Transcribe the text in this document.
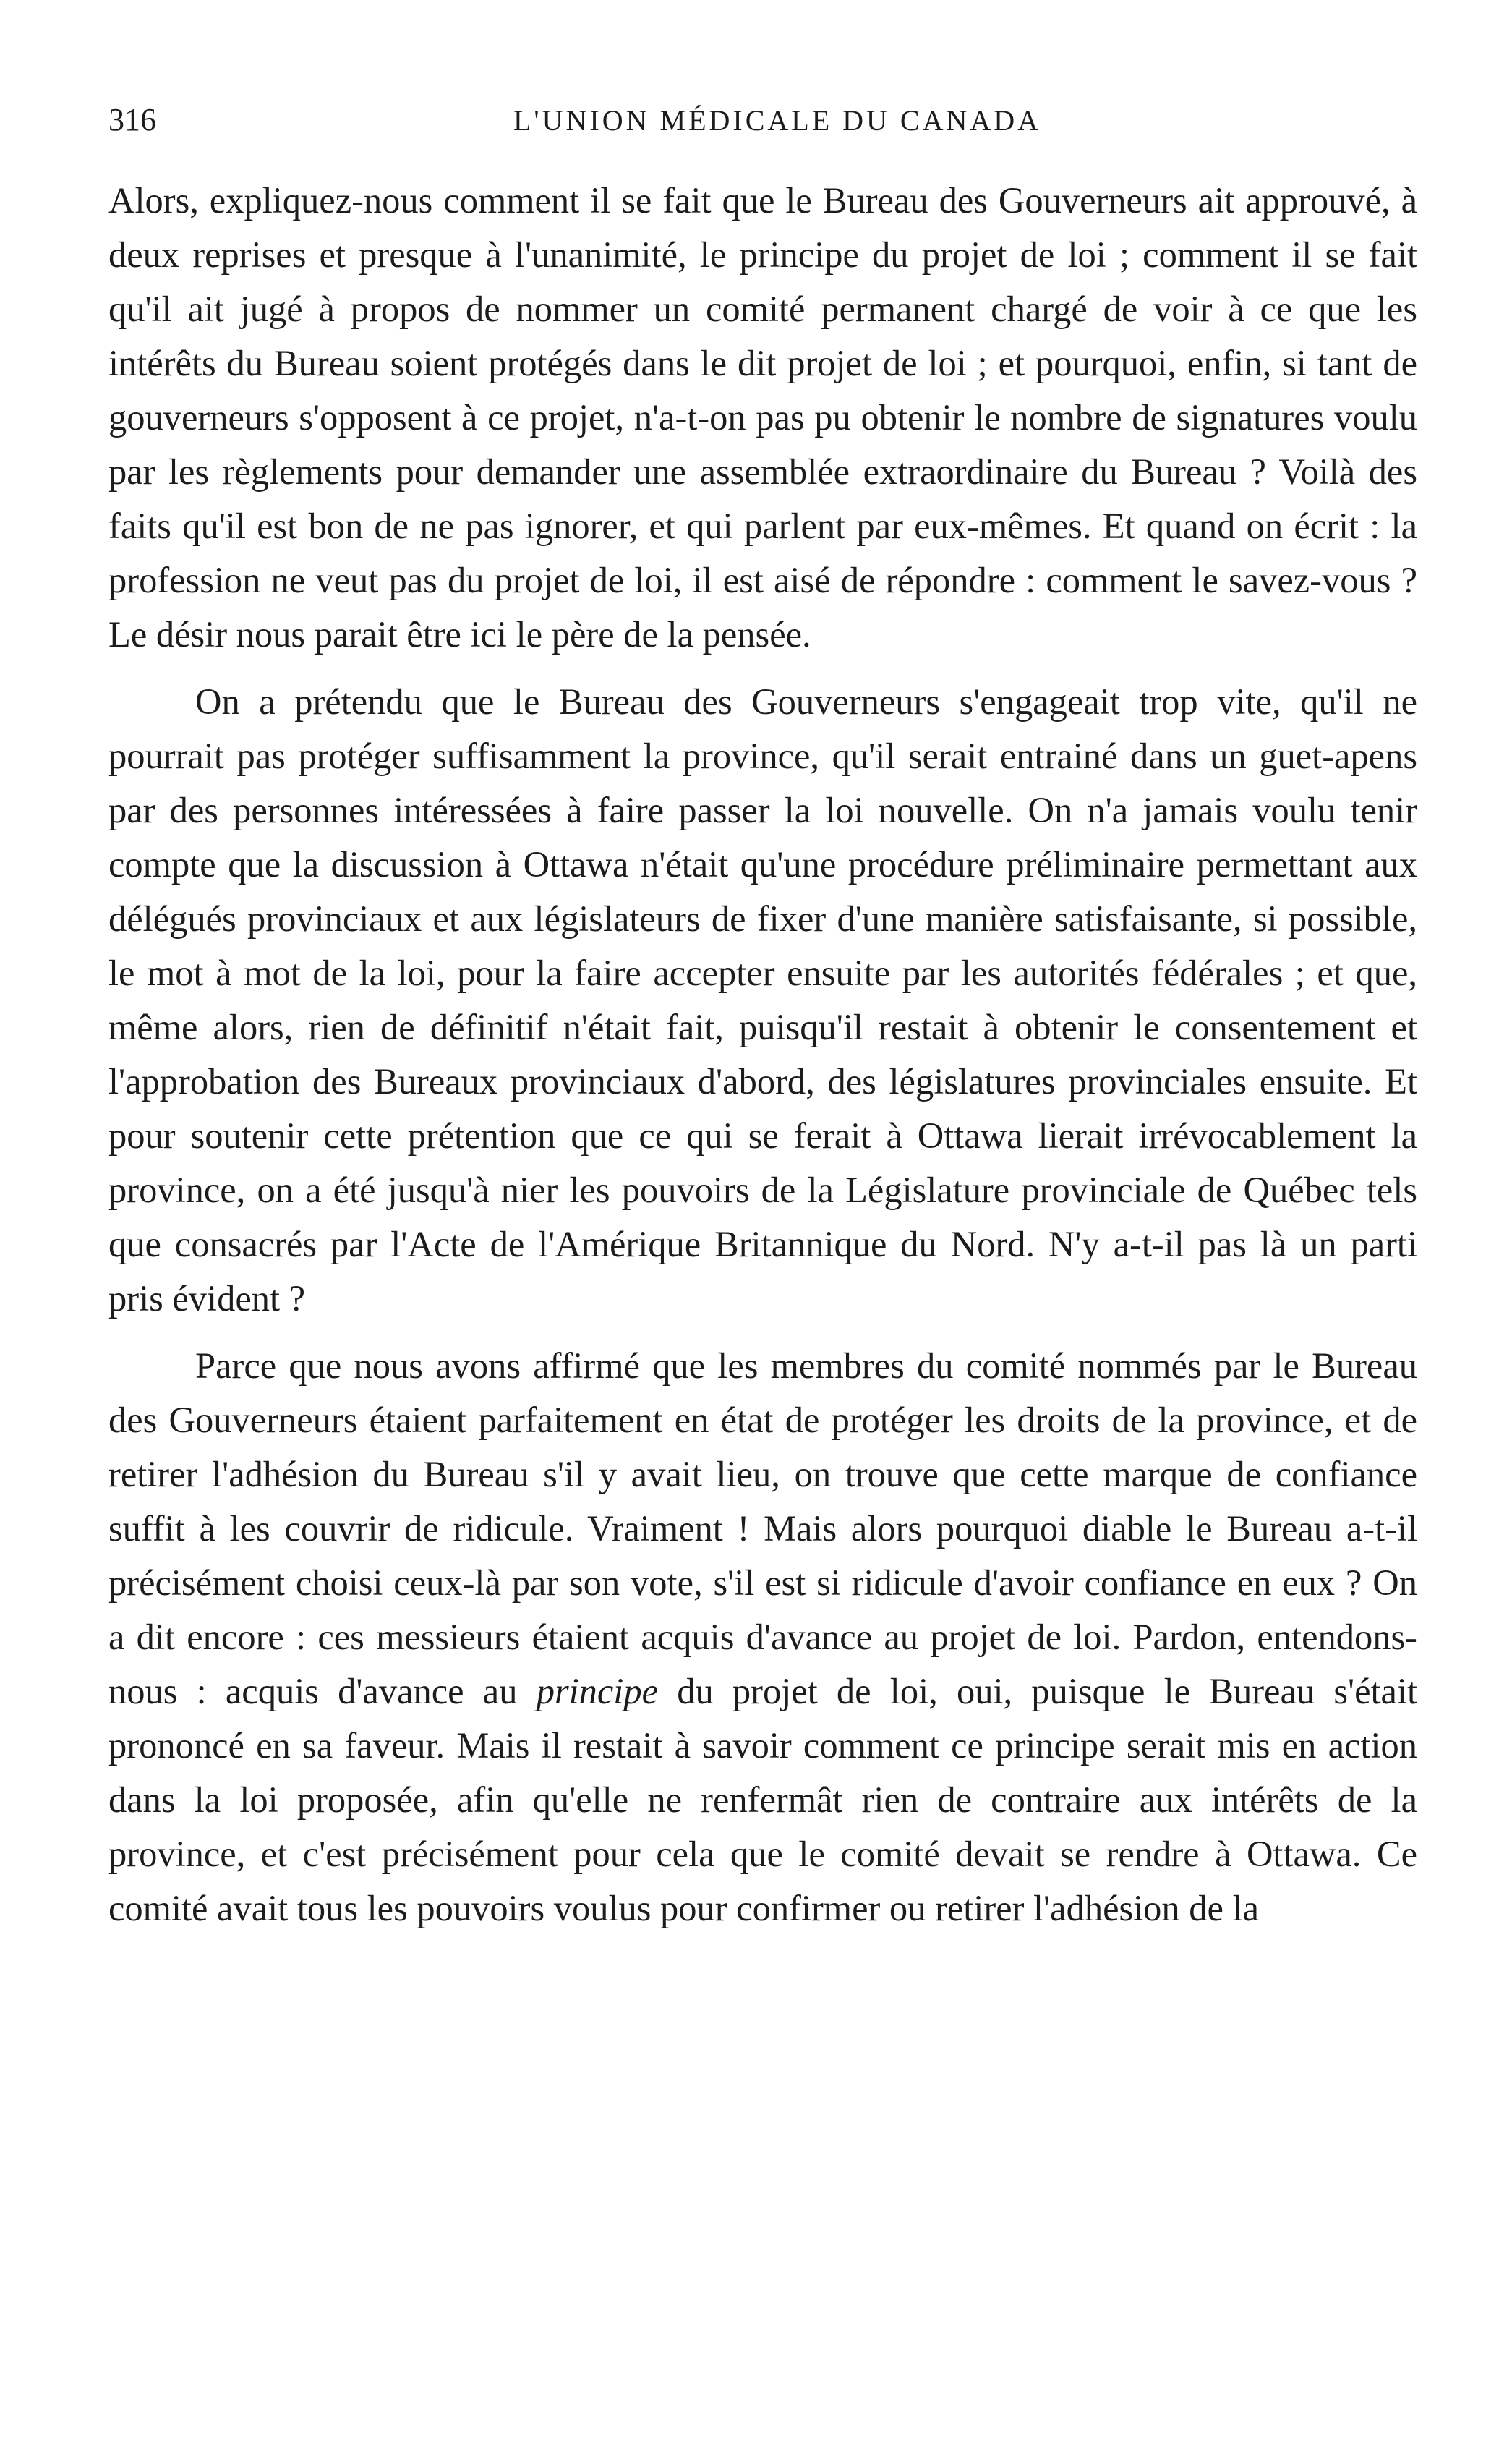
316	L'UNION MÉDICALE DU CANADA

Alors, expliquez-nous comment il se fait que le Bureau des Gouverneurs ait approuvé, à deux reprises et presque à l'unanimité, le principe du projet de loi ; comment il se fait qu'il ait jugé à propos de nommer un comité permanent chargé de voir à ce que les intérêts du Bureau soient protégés dans le dit projet de loi ; et pourquoi, enfin, si tant de gouverneurs s'opposent à ce projet, n'a-t-on pas pu obtenir le nombre de signatures voulu par les règlements pour demander une assemblée extraordinaire du Bureau ? Voilà des faits qu'il est bon de ne pas ignorer, et qui parlent par eux-mêmes. Et quand on écrit : la profession ne veut pas du projet de loi, il est aisé de répondre : comment le savez-vous ? Le désir nous parait être ici le père de la pensée.

On a prétendu que le Bureau des Gouverneurs s'engageait trop vite, qu'il ne pourrait pas protéger suffisamment la province, qu'il serait entrainé dans un guet-apens par des personnes intéressées à faire passer la loi nouvelle. On n'a jamais voulu tenir compte que la discussion à Ottawa n'était qu'une procédure préliminaire permettant aux délégués provinciaux et aux législateurs de fixer d'une manière satisfaisante, si possible, le mot à mot de la loi, pour la faire accepter ensuite par les autorités fédérales ; et que, même alors, rien de définitif n'était fait, puisqu'il restait à obtenir le consentement et l'approbation des Bureaux provinciaux d'abord, des législatures provinciales ensuite. Et pour soutenir cette prétention que ce qui se ferait à Ottawa lierait irrévocablement la province, on a été jusqu'à nier les pouvoirs de la Législature provinciale de Québec tels que consacrés par l'Acte de l'Amérique Britannique du Nord. N'y a-t-il pas là un parti pris évident ?

Parce que nous avons affirmé que les membres du comité nommés par le Bureau des Gouverneurs étaient parfaitement en état de protéger les droits de la province, et de retirer l'adhésion du Bureau s'il y avait lieu, on trouve que cette marque de confiance suffit à les couvrir de ridicule. Vraiment ! Mais alors pourquoi diable le Bureau a-t-il précisément choisi ceux-là par son vote, s'il est si ridicule d'avoir confiance en eux ? On a dit encore : ces messieurs étaient acquis d'avance au projet de loi. Pardon, entendons-nous : acquis d'avance au principe du projet de loi, oui, puisque le Bureau s'était prononcé en sa faveur. Mais il restait à savoir comment ce principe serait mis en action dans la loi proposée, afin qu'elle ne renfermât rien de contraire aux intérêts de la province, et c'est précisément pour cela que le comité devait se rendre à Ottawa. Ce comité avait tous les pouvoirs voulus pour confirmer ou retirer l'adhésion de la
